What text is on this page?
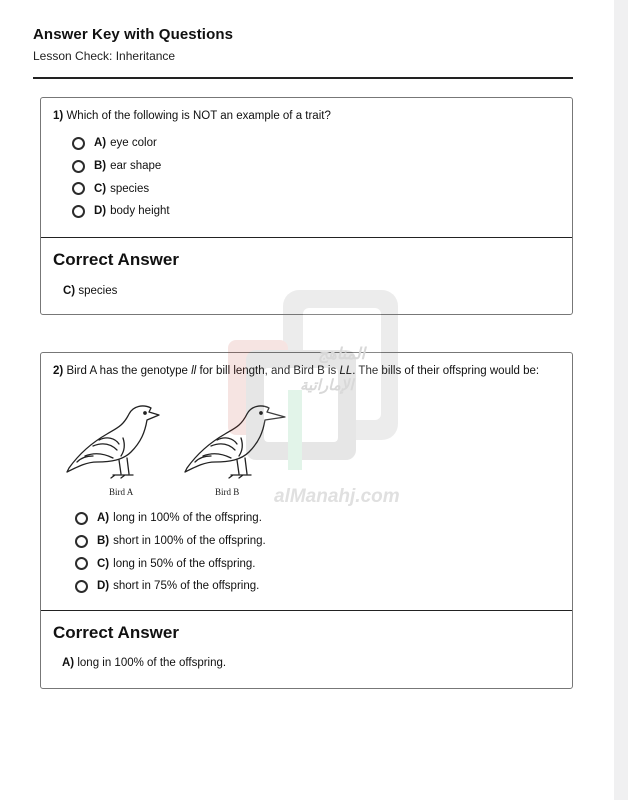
Answer Key with Questions
Lesson Check: Inheritance
1) Which of the following is NOT an example of a trait?
A) eye color
B) ear shape
C) species
D) body height
Correct Answer
C) species
2) Bird A has the genotype ll for bill length, and Bird B is LL. The bills of their offspring would be:
Bird A	Bird B
A) long in 100% of the offspring.
B) short in 100% of the offspring.
C) long in 50% of the offspring.
D) short in 75% of the offspring.
Correct Answer
A) long in 100% of the offspring.
المناهج
الإماراتية
alManahj.com
